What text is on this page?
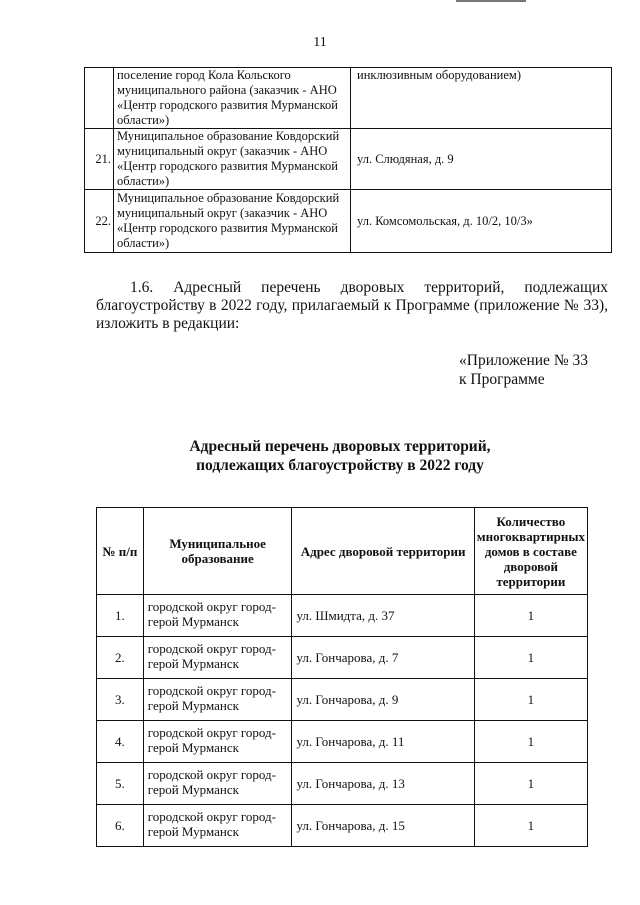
11
	поселение город Кола Кольского муниципального района (заказчик - АНО «Центр городского развития Мурманской области»)	инклюзивным оборудованием)
21.	Муниципальное образование Ковдорский муниципальный округ (заказчик - АНО «Центр городского развития Мурманской области»)	ул. Слюдяная, д. 9
22.	Муниципальное образование Ковдорский муниципальный округ (заказчик - АНО «Центр городского развития Мурманской области»)	ул. Комсомольская, д. 10/2, 10/3»

1.6. Адресный перечень дворовых территорий, подлежащих

благоустройству в 2022 году, прилагаемый к Программе (приложение № 33), изложить в редакции:

«Приложение № 33
к Программе
Адресный перечень дворовых территорий,
подлежащих благоустройству в 2022 году
№ п/п	Муниципальное образование	Адрес дворовой территории	Количество многоквартирных домов в составе дворовой территории
1.	городской округ город-герой Мурманск	ул. Шмидта, д. 37	1
2.	городской округ город-герой Мурманск	ул. Гончарова, д. 7	1
3.	городской округ город-герой Мурманск	ул. Гончарова, д. 9	1
4.	городской округ город-герой Мурманск	ул. Гончарова, д. 11	1
5.	городской округ город-герой Мурманск	ул. Гончарова, д. 13	1
6.	городской округ город-герой Мурманск	ул. Гончарова, д. 15	1
